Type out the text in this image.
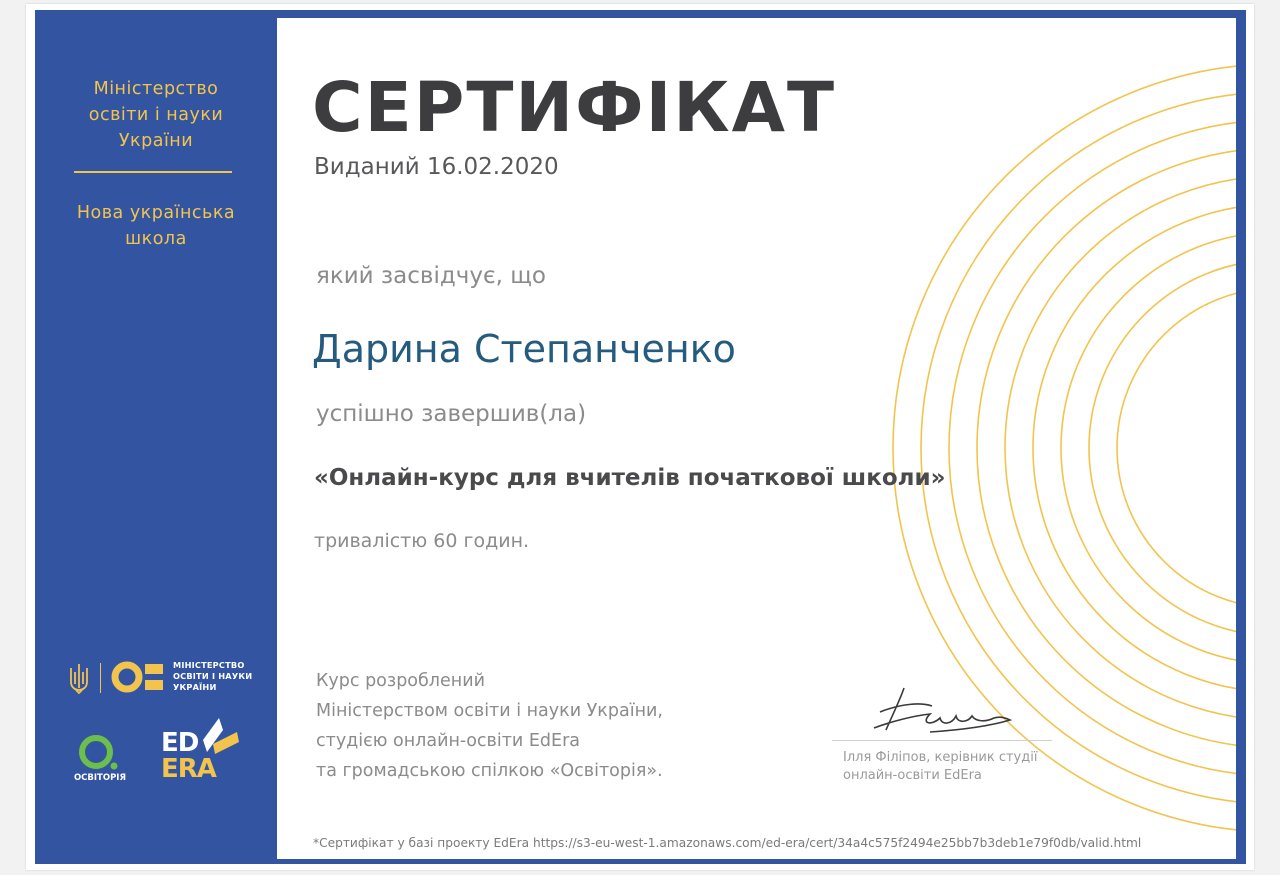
Міністерство
освіти і науки
України
Нова українська
школа
СЕРТИФІКАТ
Виданий 16.02.2020
який засвідчує, що
Дарина Степанченко
успішно завершив(ла)
«Онлайн-курс для вчителів початкової школи»
тривалістю 60 годин.
Курс розроблений
Міністерством освіти і науки України,
студією онлайн-освіти EdEra
та громадською спілкою «Освіторія».
Ілля Філіпов, керівник студії
онлайн-освіти EdEra
*Сертифікат у базі проекту EdEra https://s3-eu-west-1.amazonaws.com/ed-era/cert/34a4c575f2494e25bb7b3deb1e79f0db/valid.html
МІНІСТЕРСТВО
ОСВІТИ І НАУКИ
УКРАЇНИ
ОСВІТОРІЯ
ED
ERA
